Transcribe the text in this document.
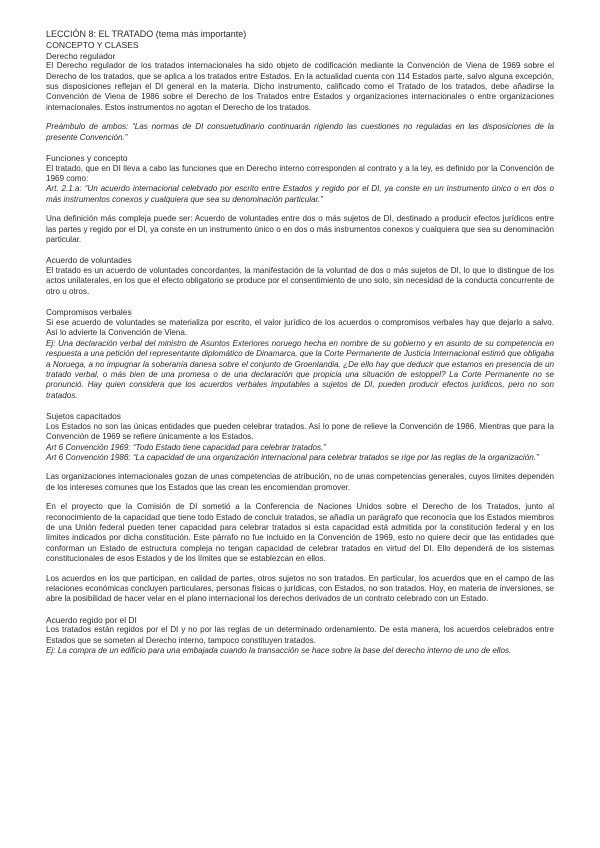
LECCIÓN 8: EL TRATADO (tema más importante)
CONCEPTO Y CLASES
Derecho regulador

El Derecho regulador de los tratados internacionales ha sido objeto de codificación mediante la Convención de Viena de 1969 sobre el Derecho de los tratados, que se aplica a los tratados entre Estados. En la actualidad cuenta con 114 Estados parte, salvo alguna excepción, sus disposiciones reflejan el DI general en la materia. Dicho instrumento, calificado como el Tratado de los tratados, debe añadirse la Convención de Viena de 1986 sobre el Derecho de los Tratados entre Estados y organizaciones internacionales o entre organizaciones internacionales. Estos instrumentos no agotan el Derecho de los tratados.

Preámbulo de ambos: “Las normas de DI consuetudinario continuarán rigiendo las cuestiones no reguladas en las disposiciones de la presente Convención.”

Funciones y concepto

El tratado, que en DI lleva a cabo las funciones que en Derecho interno corresponden al contrato y a la ley, es definido por la Convención de 1969 como:

Art. 2.1.a: “Un acuerdo internacional celebrado por escrito entre Estados y regido por el DI, ya conste en un instrumento único o en dos o más instrumentos conexos y cualquiera que sea su denominación particular.”

Una definición más compleja puede ser: Acuerdo de voluntades entre dos o más sujetos de DI, destinado a producir efectos jurídicos entre las partes y regido por el DI, ya conste en un instrumento único o en dos o más instrumentos conexos y cualquiera que sea su denominación particular.

Acuerdo de voluntades

El tratado es un acuerdo de voluntades concordantes, la manifestación de la voluntad de dos o más sujetos de DI, lo que lo distingue de los actos unilaterales, en los que el efecto obligatorio se produce por el consentimiento de uno solo, sin necesidad de la conducta concurrente de otro u otros.

Compromisos verbales

Si ese acuerdo de voluntades se materializa por escrito, el valor jurídico de los acuerdos o compromisos verbales hay que dejarlo a salvo. Así lo advierte la Convención de Viena.

Ej: Una declaración verbal del ministro de Asuntos Exteriores noruego hecha en nombre de su gobierno y en asunto de su competencia en respuesta a una petición del representante diplomático de Dinamarca, que la Corte Permanente de Justicia Internacional estimó que obligaba a Noruega, a no impugnar la soberanía danesa sobre el conjunto de Groenlandia. ¿De ello hay que deducir que estamos en presencia de un tratado verbal, o más bien de una promesa o de una declaración que propicia una situación de estoppel? La Corte Permanente no se pronunció. Hay quien considera que los acuerdos verbales imputables a sujetos de DI, pueden producir efectos jurídicos, pero no son tratados.

Sujetos capacitados

Los Estados no son las únicas entidades que pueden celebrar tratados. Así lo pone de relieve la Convención de 1986. Mientras que para la Convención de 1969 se refiere únicamente a los Estados.

Art 6 Convención 1969: “Todo Estado tiene capacidad para celebrar tratados.”

Art 6 Convención 1986: “La capacidad de una organización internacional para celebrar tratados se rige por las reglas de la organización.”

Las organizaciones internacionales gozan de unas competencias de atribución, no de unas competencias generales, cuyos límites dependen de los intereses comunes que los Estados que las crean les encomiendan promover.

En el proyecto que la Comisión de DI sometió a la Conferencia de Naciones Unidos sobre el Derecho de los Tratados, junto al reconocimiento de la capacidad que tiene todo Estado de concluir tratados, se añadía un parágrafo que reconocía que los Estados miembros de una Unión federal pueden tener capacidad para celebrar tratados si esta capacidad está admitida por la constitución federal y en los límites indicados por dicha constitución. Este párrafo no fue incluido en la Convención de 1969, esto no quiere decir que las entidades que conforman un Estado de estructura compleja no tengan capacidad de celebrar tratados en virtud del DI. Ello dependerá de los sistemas constitucionales de esos Estados y de los límites que se establezcan en ellos.

Los acuerdos en los que participan, en calidad de partes, otros sujetos no son tratados. En particular, los acuerdos que en el campo de las relaciones económicas concluyen particulares, personas físicas o jurídicas, con Estados, no son tratados. Hoy, en materia de inversiones, se abre la posibilidad de hacer velar en el plano internacional los derechos derivados de un contrato celebrado con un Estado.

Acuerdo regido por el DI

Los tratados están regidos por el DI y no por las reglas de un determinado ordenamiento. De esta manera, los acuerdos celebrados entre Estados que se someten al Derecho interno, tampoco constituyen tratados.

Ej: La compra de un edificio para una embajada cuando la transacción se hace sobre la base del derecho interno de uno de ellos.
